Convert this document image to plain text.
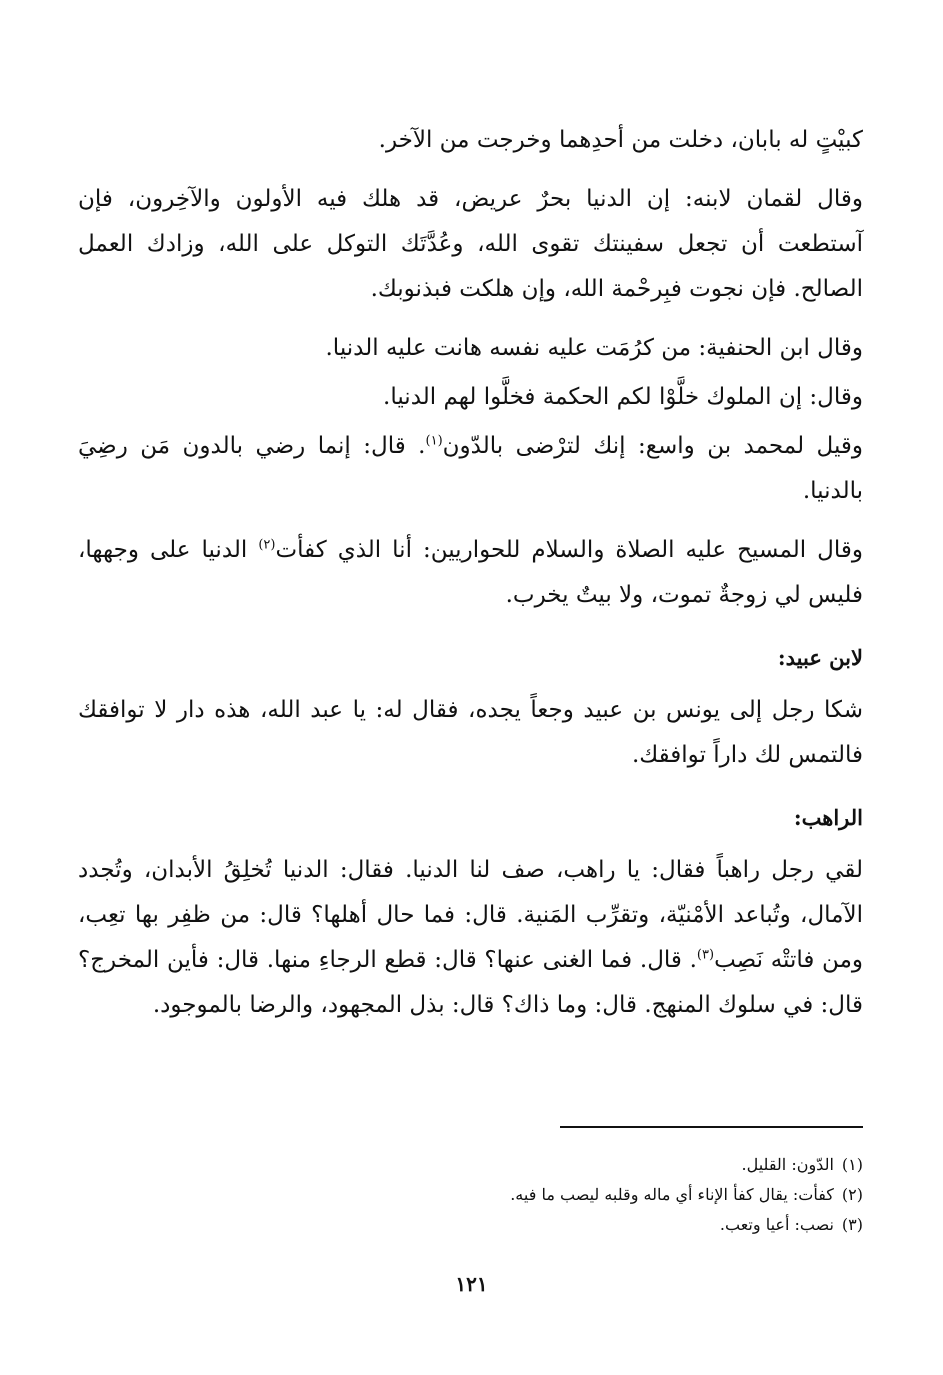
كبيْتٍ له بابان، دخلت من أحدِهما وخرجت من الآخر.

وقال لقمان لابنه: إن الدنيا بحرٌ عريض، قد هلك فيه الأولون والآخِرون، فإن آستطعت أن تجعل سفينتك تقوى الله، وعُدَّتَك التوكل على الله، وزادك العمل الصالح. فإن نجوت فبِرحْمة الله، وإن هلكت فبذنوبك.

وقال ابن الحنفية: من كرُمَت عليه نفسه هانت عليه الدنيا.

وقال: إن الملوك خلَّوْا لكم الحكمة فخلَّوا لهم الدنيا.

وقيل لمحمد بن واسع: إنك لترْضى بالدّون$^{(١)}$. قال: إنما رضي بالدون مَن رضِيَ بالدنيا.

وقال المسيح عليه الصلاة والسلام للحواريين: أنا الذي كفأت$^{(٢)}$ الدنيا على وجهها، فليس لي زوجةٌ تموت، ولا بيتٌ يخرب.

لابن عبيد:

شكا رجل إلى يونس بن عبيد وجعاً يجده، فقال له: يا عبد الله، هذه دار لا توافقك فالتمس لك داراً توافقك.

الراهب:

لقي رجل راهباً فقال: يا راهب، صف لنا الدنيا. فقال: الدنيا تُخلِقُ الأبدان، وتُجدد الآمال، وتُباعد الأمْنيّة، وتقرِّب المَنية. قال: فما حال أهلها؟ قال: من ظفِر بها تعِب، ومن فاتتْه نَصِب$^{(٣)}$. قال. فما الغنى عنها؟ قال: قطع الرجاءِ منها. قال: فأين المخرج؟ قال: في سلوك المنهج. قال: وما ذاك؟ قال: بذل المجهود، والرضا بالموجود.

(١)الدّون: القليل.

(٢)كفأت: يقال كفأ الإناء أي ماله وقلبه ليصب ما فيه.

(٣)نصب: أعيا وتعب.

١٢١
